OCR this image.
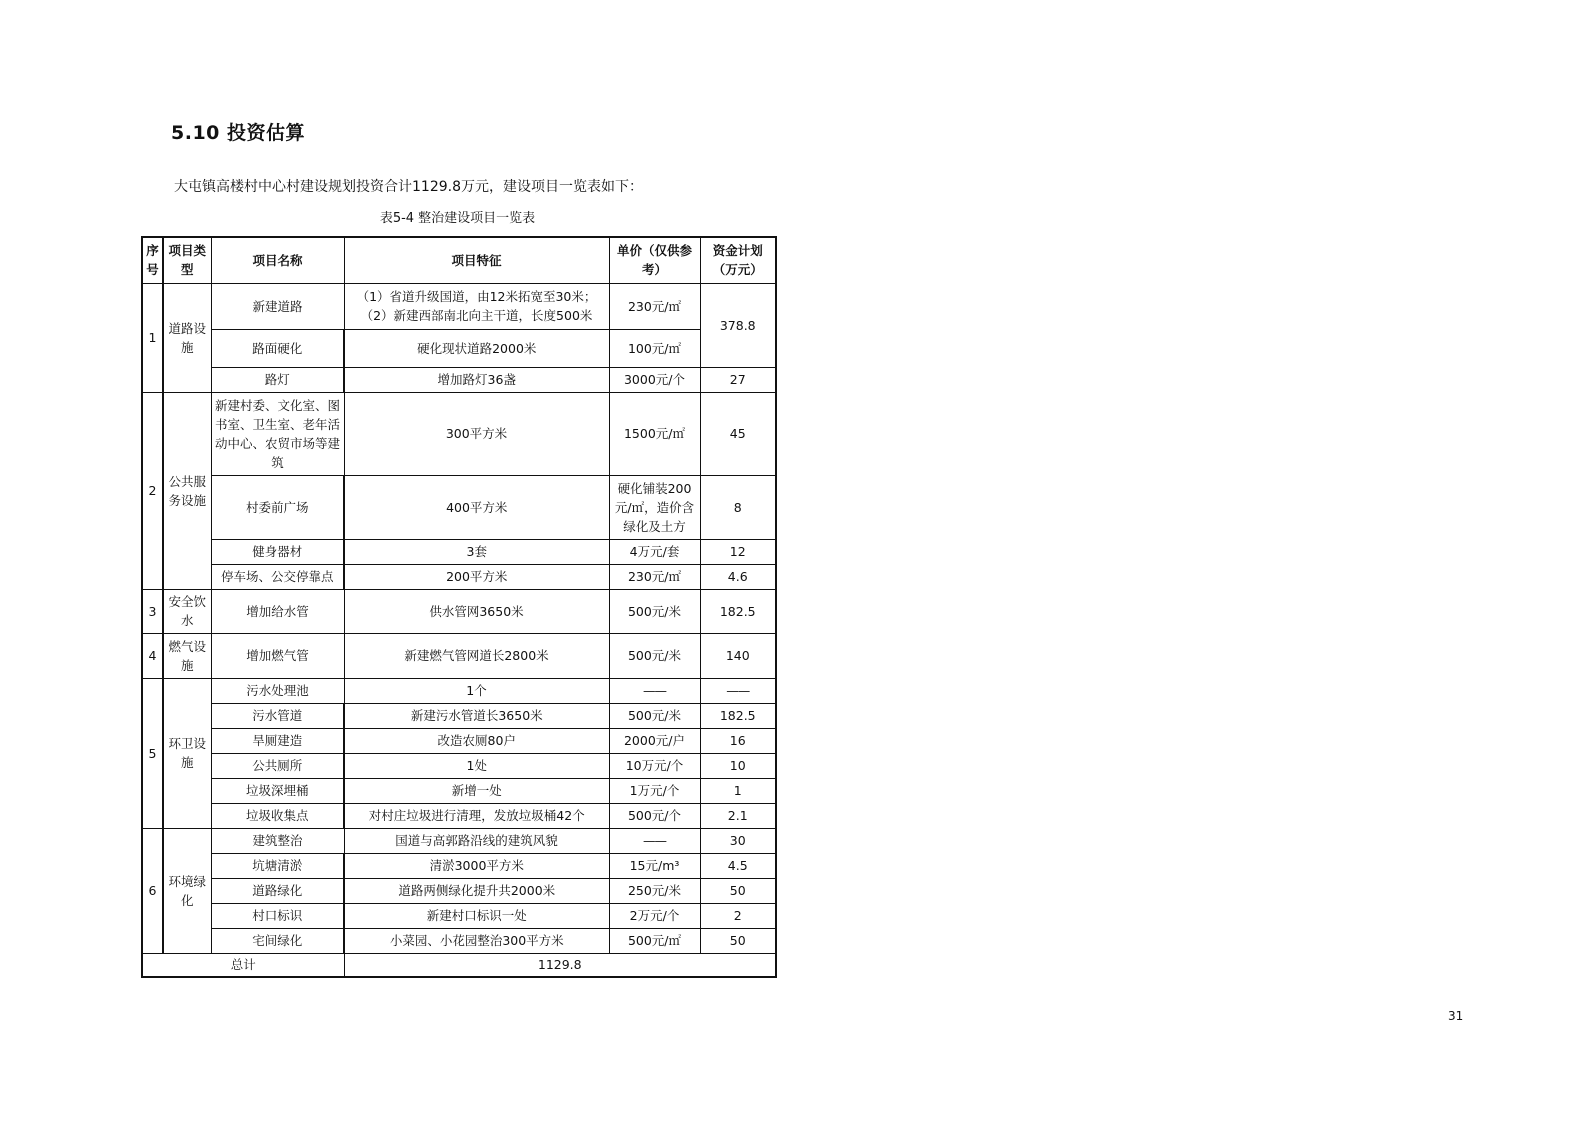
5.10 投资估算
大屯镇高楼村中心村建设规划投资合计1129.8万元，建设项目一览表如下：
表5-4 整治建设项目一览表
序号	项目类型	项目名称	项目特征	单价（仅供参考）	资金计划（万元）
1	道路设施	新建道路	（1）省道升级国道，由12米拓宽至30米；（2）新建西部南北向主干道，长度500米	230元/㎡	378.8
		路面硬化	硬化现状道路2000米	100元/㎡	
		路灯	增加路灯36盏	3000元/个	27
2	公共服务设施	新建村委、文化室、图书室、卫生室、老年活动中心、农贸市场等建筑	300平方米	1500元/㎡	45
		村委前广场	400平方米	硬化铺装200元/㎡，造价含绿化及土方	8
		健身器材	3套	4万元/套	12
		停车场、公交停靠点	200平方米	230元/㎡	4.6
3	安全饮水	增加给水管	供水管网3650米	500元/米	182.5
4	燃气设施	增加燃气管	新建燃气管网道长2800米	500元/米	140
5	环卫设施	污水处理池	1个	——	——
		污水管道	新建污水管道长3650米	500元/米	182.5
		旱厕建造	改造农厕80户	2000元/户	16
		公共厕所	1处	10万元/个	10
		垃圾深埋桶	新增一处	1万元/个	1
		垃圾收集点	对村庄垃圾进行清理，发放垃圾桶42个	500元/个	2.1
6	环境绿化	建筑整治	国道与高郭路沿线的建筑风貌	——	30
		坑塘清淤	清淤3000平方米	15元/m³	4.5
		道路绿化	道路两侧绿化提升共2000米	250元/米	50
		村口标识	新建村口标识一处	2万元/个	2
		宅间绿化	小菜园、小花园整治300平方米	500元/㎡	50
总计			1129.8		
31
